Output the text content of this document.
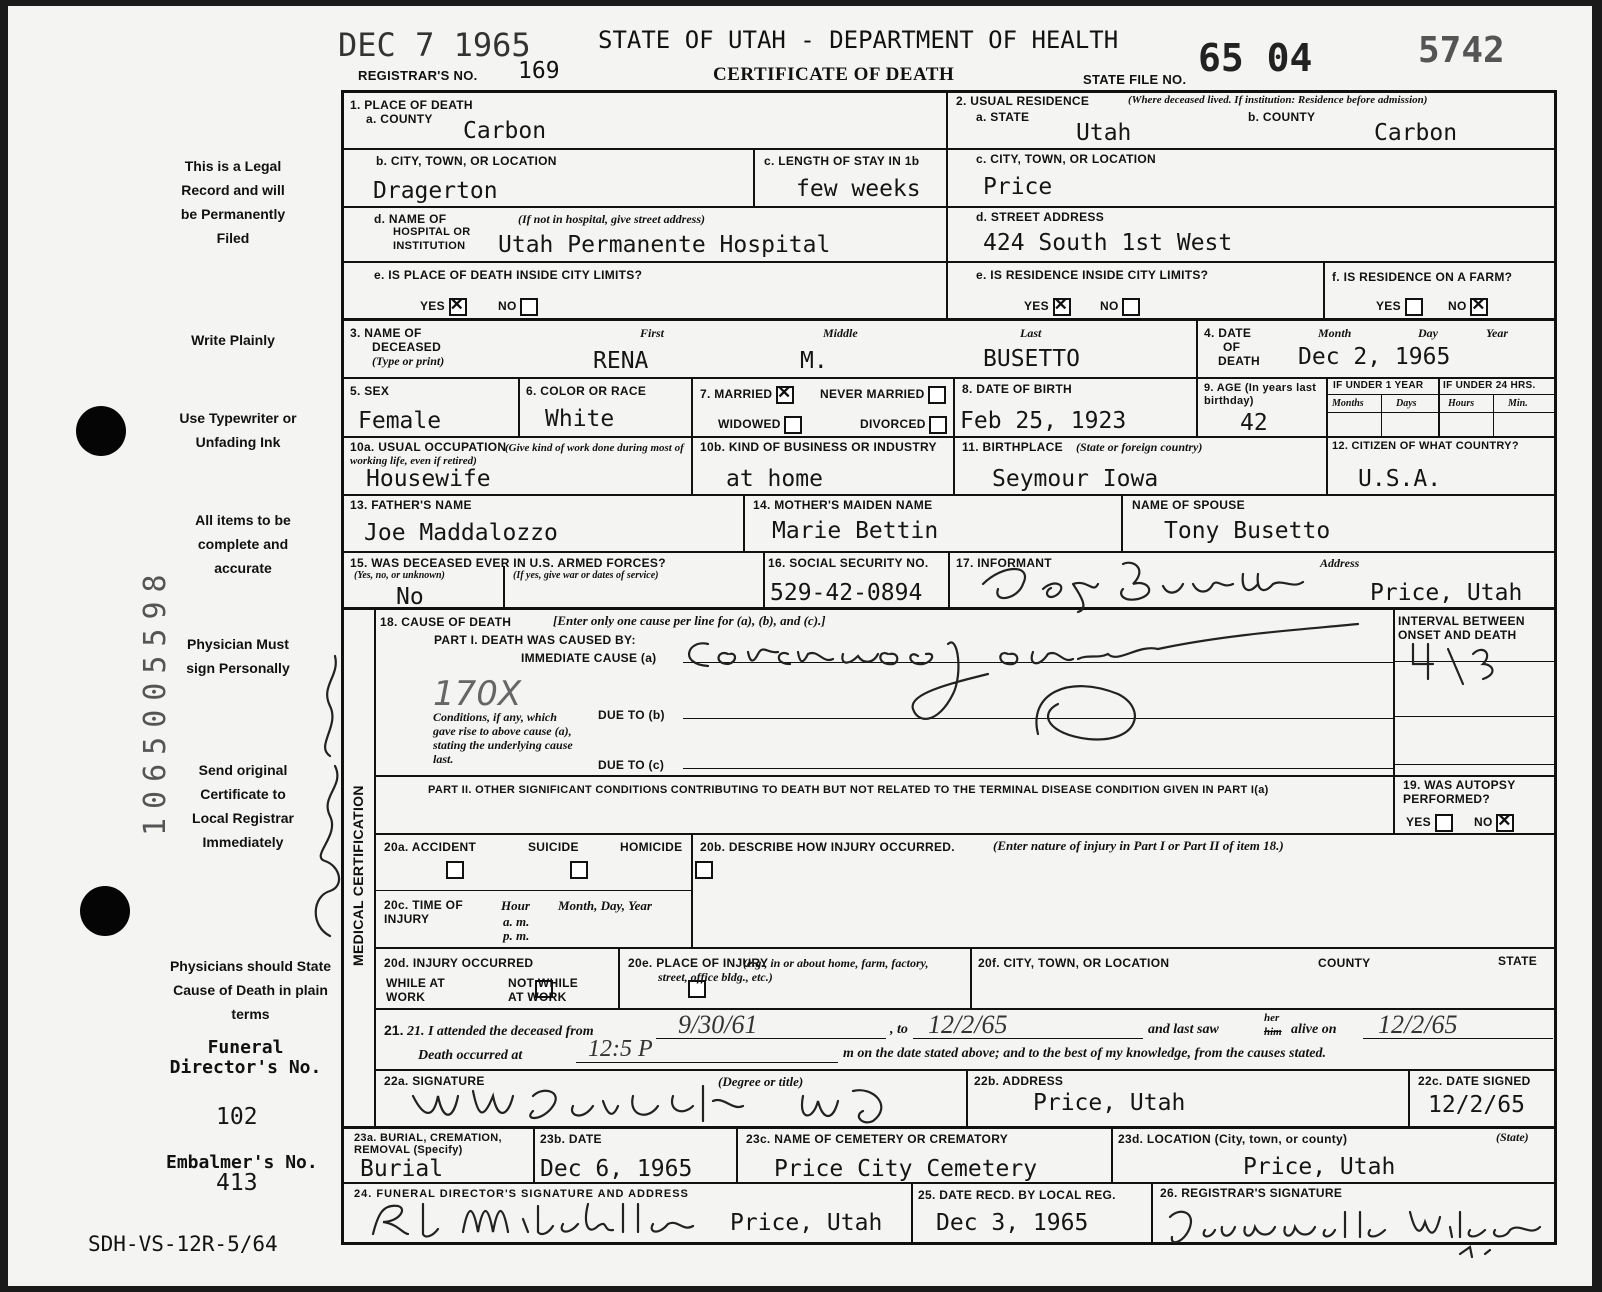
DEC 7 1965
REGISTRAR'S NO. 169
STATE OF UTAH - DEPARTMENT OF HEALTH
CERTIFICATE OF DEATH	STATE FILE NO. 65 04	5742
This is a Legal Record and will be Permanently Filed
Write Plainly
Use Typewriter or Unfading Ink
All items to be complete and accurate
Physician Must sign Personally
Send original Certificate to Local Registrar Immediately
Physicians should State Cause of Death in plain terms
Funeral Director's No.
102
Embalmer's No.
413
SDH-VS-12R-5/64
1065005598
1. PLACE OF DEATH
a. COUNTY Carbon
2. USUAL RESIDENCE	(Where deceased lived. If institution: Residence before admission)
a. STATE
Utah
b. COUNTY
Carbon
b. CITY, TOWN, OR LOCATION
Dragerton
c. LENGTH OF STAY IN 1b
few weeks
c. CITY, TOWN, OR LOCATION
Price
d. NAME OF
HOSPITAL OR
INSTITUTION
(If not in hospital, give street address)
Utah Permanente Hospital
d. STREET ADDRESS
424 South 1st West
e. IS PLACE OF DEATH INSIDE CITY LIMITS?
YES ✕	NO
e. IS RESIDENCE INSIDE CITY LIMITS?
YES ✕	NO
f. IS RESIDENCE ON A FARM?
YES	NO ✕
3. NAME OF
DECEASED
(Type or print)
First	Middle	Last
RENA	M.	BUSETTO
4. DATE
OF
DEATH
Month	Day	Year
Dec 2, 1965
5. SEX
Female
6. COLOR OR RACE
White
7. MARRIED ✕	NEVER MARRIED
WIDOWED	DIVORCED
8. DATE OF BIRTH
Feb 25, 1923
9. AGE (In years last birthday)
42
IF UNDER 1 YEAR IF UNDER 24 HRS.
Months	Days	Hours	Min.
10a. USUAL OCCUPATION
(Give kind of work done during most of working life, even if retired)
Housewife
10b. KIND OF BUSINESS OR INDUSTRY
at home
11. BIRTHPLACE (State or foreign country)
Seymour Iowa
12. CITIZEN OF WHAT COUNTRY?
U.S.A.
13. FATHER'S NAME
Joe Maddalozzo
14. MOTHER'S MAIDEN NAME
Marie Bettin
NAME OF SPOUSE
Tony Busetto
15. WAS DECEASED EVER IN U.S. ARMED FORCES?
(Yes, no, or unknown)	(If yes, give war or dates of service)
No
16. SOCIAL SECURITY NO.
529-42-0894
17. INFORMANT	Address
Price, Utah
MEDICAL CERTIFICATION
18. CAUSE OF DEATH	[Enter only one cause per line for (a), (b), and (c).]
PART I. DEATH WAS CAUSED BY:
IMMEDIATE CAUSE (a)
170X
Conditions, if any, which gave rise to above cause (a), stating the underlying cause last.
DUE TO (b)
DUE TO (c)
INTERVAL BETWEEN ONSET AND DEATH
PART II. OTHER SIGNIFICANT CONDITIONS CONTRIBUTING TO DEATH BUT NOT RELATED TO THE TERMINAL DISEASE CONDITION GIVEN IN PART I(a)	19. WAS AUTOPSY PERFORMED?
YES	NO ✕
20a. ACCIDENT	SUICIDE	HOMICIDE
20b. DESCRIBE HOW INJURY OCCURRED.	(Enter nature of injury in Part I or Part II of item 18.)
20c. TIME OF INJURY
Hour
a. m.
p. m.
Month, Day, Year
20d. INJURY OCCURRED
WHILE AT WORK

NOT WHILE AT WORK
20e. PLACE OF INJURY
(e.g., in or about home, farm, factory, street, office bldg., etc.)
20f. CITY, TOWN, OR LOCATION	COUNTY	STATE
21. 21. I attended the deceased from	9/30/61	, to 12/2/65	and last saw
her
him alive on 12/2/65
Death occurred at	12:5 P	m on the date stated above; and to the best of my knowledge, from the causes stated.
22a. SIGNATURE	(Degree or title)	22b. ADDRESS
Price, Utah
22c. DATE SIGNED
12/2/65
23a. BURIAL, CREMATION, REMOVAL (Specify)
Burial
23b. DATE
Dec 6, 1965
23c. NAME OF CEMETERY OR CREMATORY
Price City Cemetery
23d. LOCATION (City, town, or county)	(State)
Price, Utah
24. FUNERAL DIRECTOR'S SIGNATURE AND ADDRESS
Price, Utah
25. DATE RECD. BY LOCAL REG.
Dec 3, 1965
26. REGISTRAR'S SIGNATURE
